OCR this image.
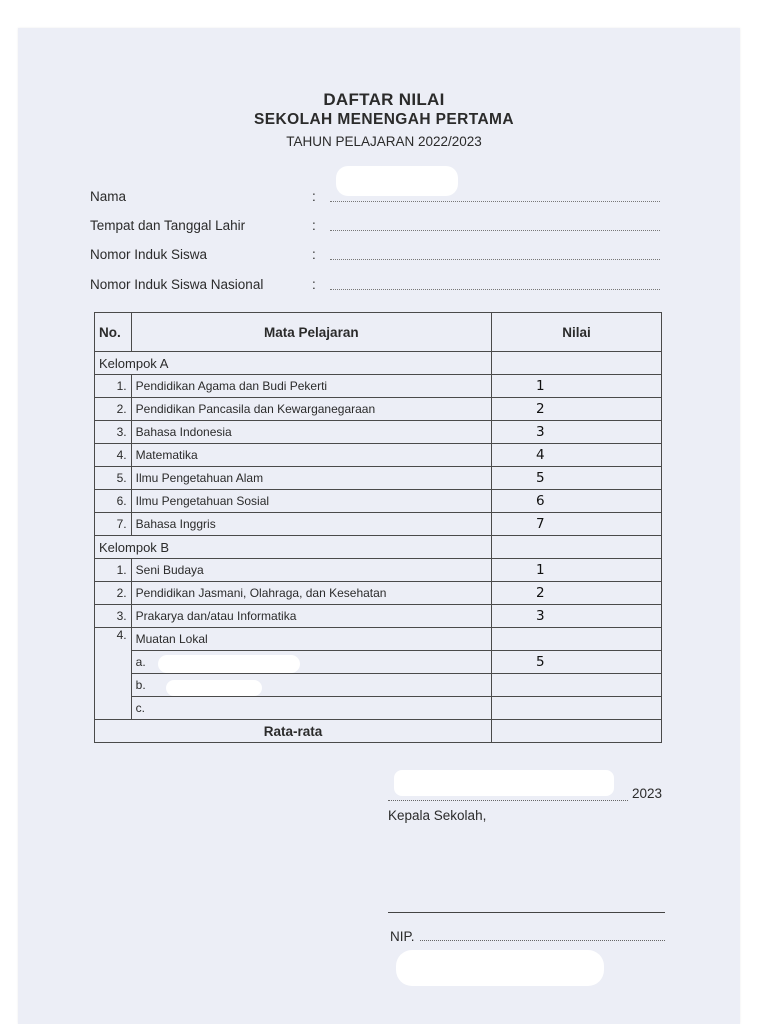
DAFTAR NILAI
SEKOLAH MENENGAH PERTAMA
TAHUN PELAJARAN 2022/2023
Nama	:
Tempat dan Tanggal Lahir	:
Nomor Induk Siswa	:
Nomor Induk Siswa Nasional	:
No.	Mata Pelajaran	Nilai
Kelompok A		
1.	Pendidikan Agama dan Budi Pekerti	1
2.	Pendidikan Pancasila dan Kewarganegaraan	2
3.	Bahasa Indonesia	3
4.	Matematika	4
5.	Ilmu Pengetahuan Alam	5
6.	Ilmu Pengetahuan Sosial	6
7.	Bahasa Inggris	7
Kelompok B		
1.	Seni Budaya	1
2.	Pendidikan Jasmani, Olahraga, dan Kesehatan	2
3.	Prakarya dan/atau Informatika	3
4.	Muatan Lokal	
	a.	5
	b.	
	c.	
Rata-rata		
2023
Kepala Sekolah,
NIP.
